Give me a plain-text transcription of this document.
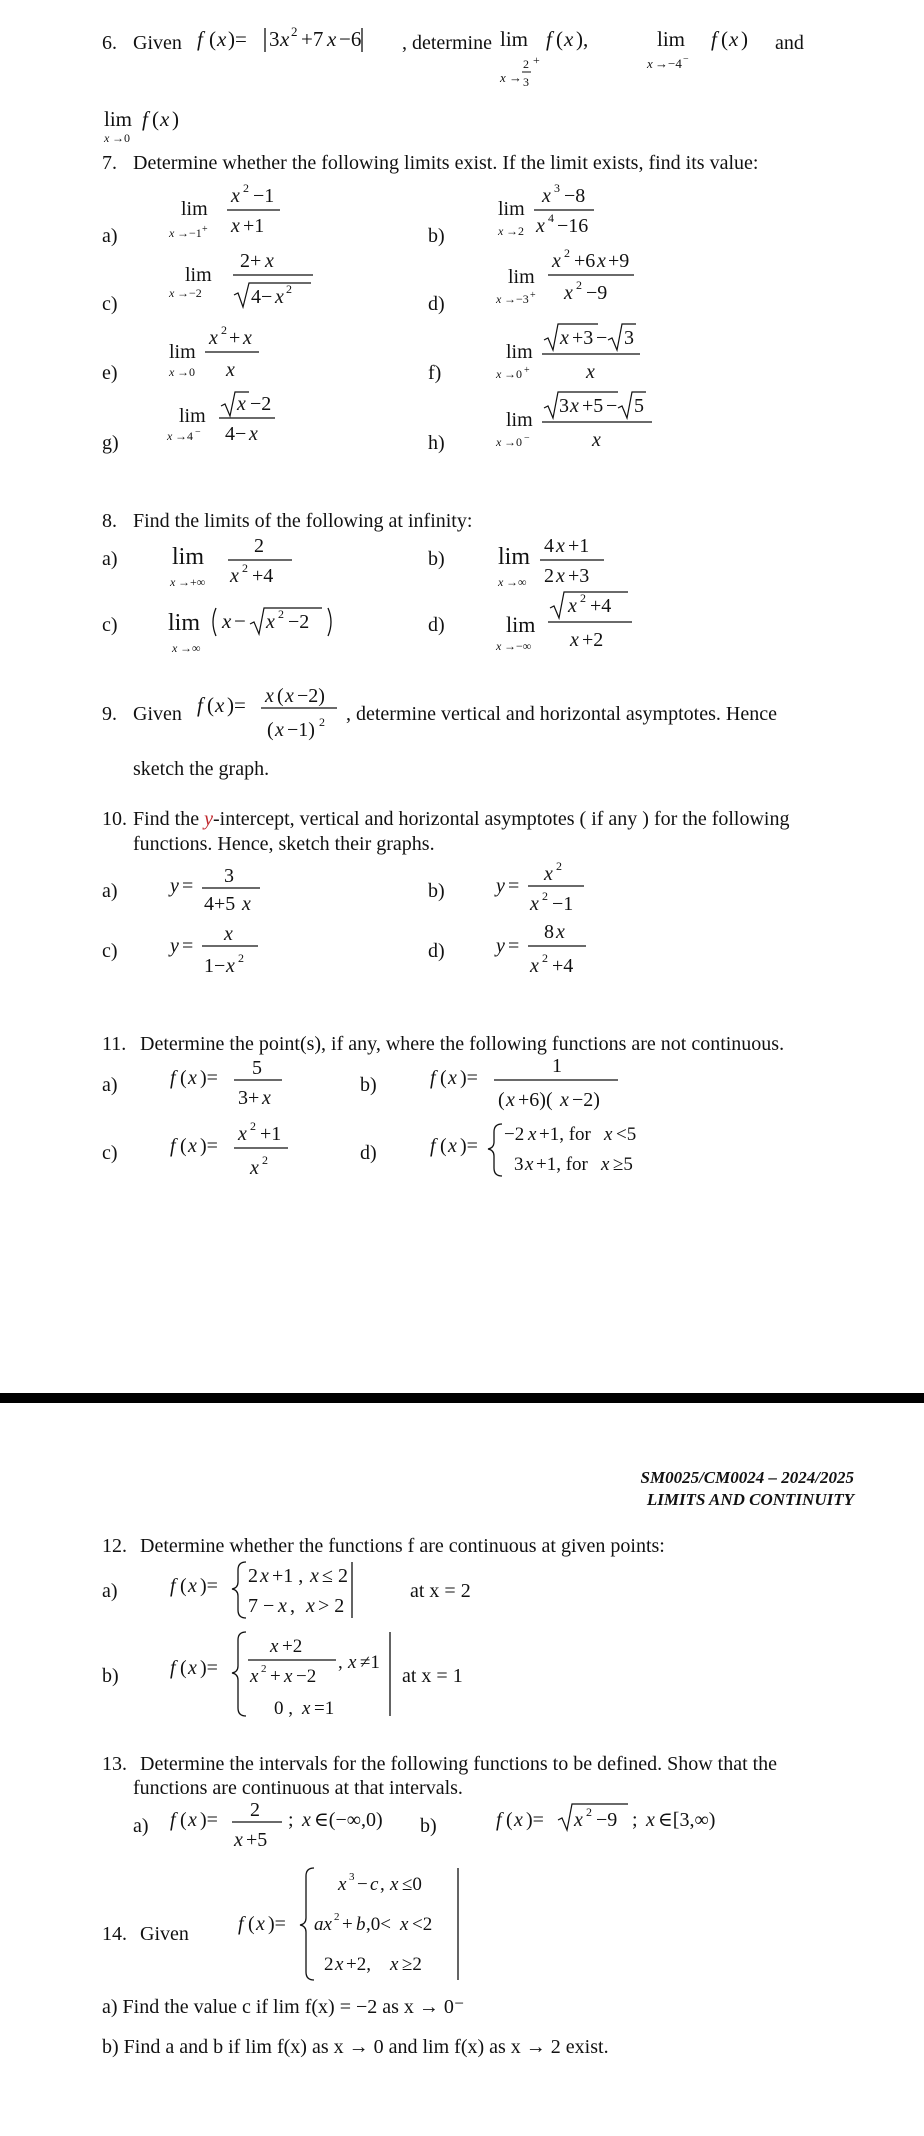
6. Given f ( x )= 3 x 2 +7 x −6 , determine lim
x →
2
3
+
f ( x ),	lim
x →−4 −
f ( x ) and
lim f ( x )
x →0
7. Determine whether the following limits exist. If the limit exists, find its value:
a)
lim
x →−1 +
x 2 −1
x +1	b)
lim
x →2
x 3 −8
x 4 −16
c)
lim
x →−2
2+ x
4− x 2
d)
lim
x →−3 +
x 2 +6 x +9
x 2 −9
e)
lim
x →0
x 2 + x
x	f)
lim
x →0 +
x +3 − 3
x
g)
lim
x →4 −
x −2
4− x	h)
lim
x →0 −
3 x +5 − 5
x
8. Find the limits of the following at infinity:
a) lim
x →+∞
2
x 2 +4
b) lim
x →∞
4 x +1
2 x +3
c) lim
x →∞
x − x 2 −2	d)	lim
x →−∞
x 2 +4
x +2
9. Given f ( x )= x ( x −2)
( x −1) 2 , determine vertical and horizontal asymptotes. Hence
sketch the graph.
10. Find the y-intercept, vertical and horizontal asymptotes ( if any ) for the following
functions. Hence, sketch their graphs.
a)	y = 3
4+5 x
b)	y =
x 2
x 2 −1
c)	y =
x
1− x 2	d)	y =
8 x
x 2 +4
11. Determine the point(s), if any, where the following functions are not continuous.
a)	f ( x )= 5
3+ x
b)	f ( x )=
1
( x +6)( x −2)
c)	f ( x )=
x 2 +1
x 2	d)	f ( x )=
−2 x +1, for x <5
3 x +1, for x ≥5
SM0025/CM0024 – 2024/2025
LIMITS AND CONTINUITY
12. Determine whether the functions f are continuous at given points:
a)	f ( x )= 2 x +1 , x ≤ 2
7 − x , x > 2
at x = 2
b)	f ( x )=
x +2
x 2 + x −2
, x ≠1
0 , x =1
at x = 1
13. Determine the intervals for the following functions to be defined. Show that the
functions are continuous at that intervals.
a) f ( x )= 2
x +5
; x ∈(−∞,0) b)	f ( x )= x 2 −9 ; x ∈[3,∞)
14. Given f ( x )=
x 3 − c , x ≤0
ax 2 + b ,0< x <2
2 x +2, x ≥2
a) Find the value c if lim f(x) = −2 as x → 0⁻
b) Find a and b if lim f(x) as x → 0 and lim f(x) as x → 2 exist.
